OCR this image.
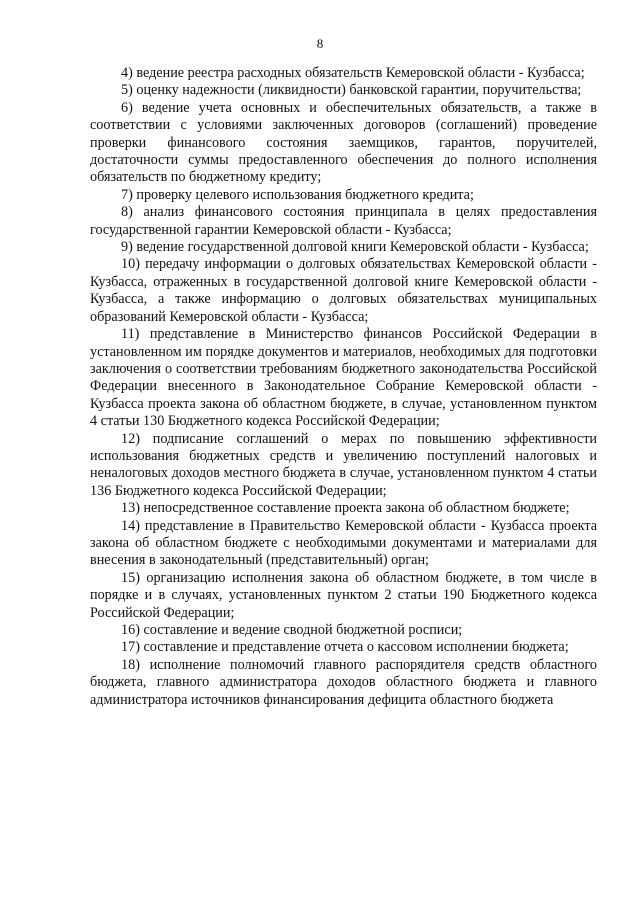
8

4) ведение реестра расходных обязательств Кемеровской области - Кузбасса;

5) оценку надежности (ликвидности) банковской гарантии, поручительства;

6) ведение учета основных и обеспечительных обязательств, а также в соответствии с условиями заключенных договоров (соглашений) проведение проверки финансового состояния заемщиков, гарантов, поручителей, достаточности суммы предоставленного обеспечения до полного исполнения обязательств по бюджетному кредиту;

7) проверку целевого использования бюджетного кредита;

8) анализ финансового состояния принципала в целях предоставления государственной гарантии Кемеровской области - Кузбасса;

9) ведение государственной долговой книги Кемеровской области - Кузбасса;

10) передачу информации о долговых обязательствах Кемеровской области - Кузбасса, отраженных в государственной долговой книге Кемеровской области - Кузбасса, а также информацию о долговых обязательствах муниципальных образований Кемеровской области - Кузбасса;

11) представление в Министерство финансов Российской Федерации в установленном им порядке документов и материалов, необходимых для подготовки заключения о соответствии требованиям бюджетного законодательства Российской Федерации внесенного в Законодательное Собрание Кемеровской области - Кузбасса проекта закона об областном бюджете, в случае, установленном пунктом 4 статьи 130 Бюджетного кодекса Российской Федерации;

12) подписание соглашений о мерах по повышению эффективности использования бюджетных средств и увеличению поступлений налоговых и неналоговых доходов местного бюджета в случае, установленном пунктом 4 статьи 136 Бюджетного кодекса Российской Федерации;

13) непосредственное составление проекта закона об областном бюджете;

14) представление в Правительство Кемеровской области - Кузбасса проекта закона об областном бюджете с необходимыми документами и материалами для внесения в законодательный (представительный) орган;

15) организацию исполнения закона об областном бюджете, в том числе в порядке и в случаях, установленных пунктом 2 статьи 190 Бюджетного кодекса Российской Федерации;

16) составление и ведение сводной бюджетной росписи;

17) составление и представление отчета о кассовом исполнении бюджета;

18) исполнение полномочий главного распорядителя средств областного бюджета, главного администратора доходов областного бюджета и главного администратора источников финансирования дефицита областного бюджета
